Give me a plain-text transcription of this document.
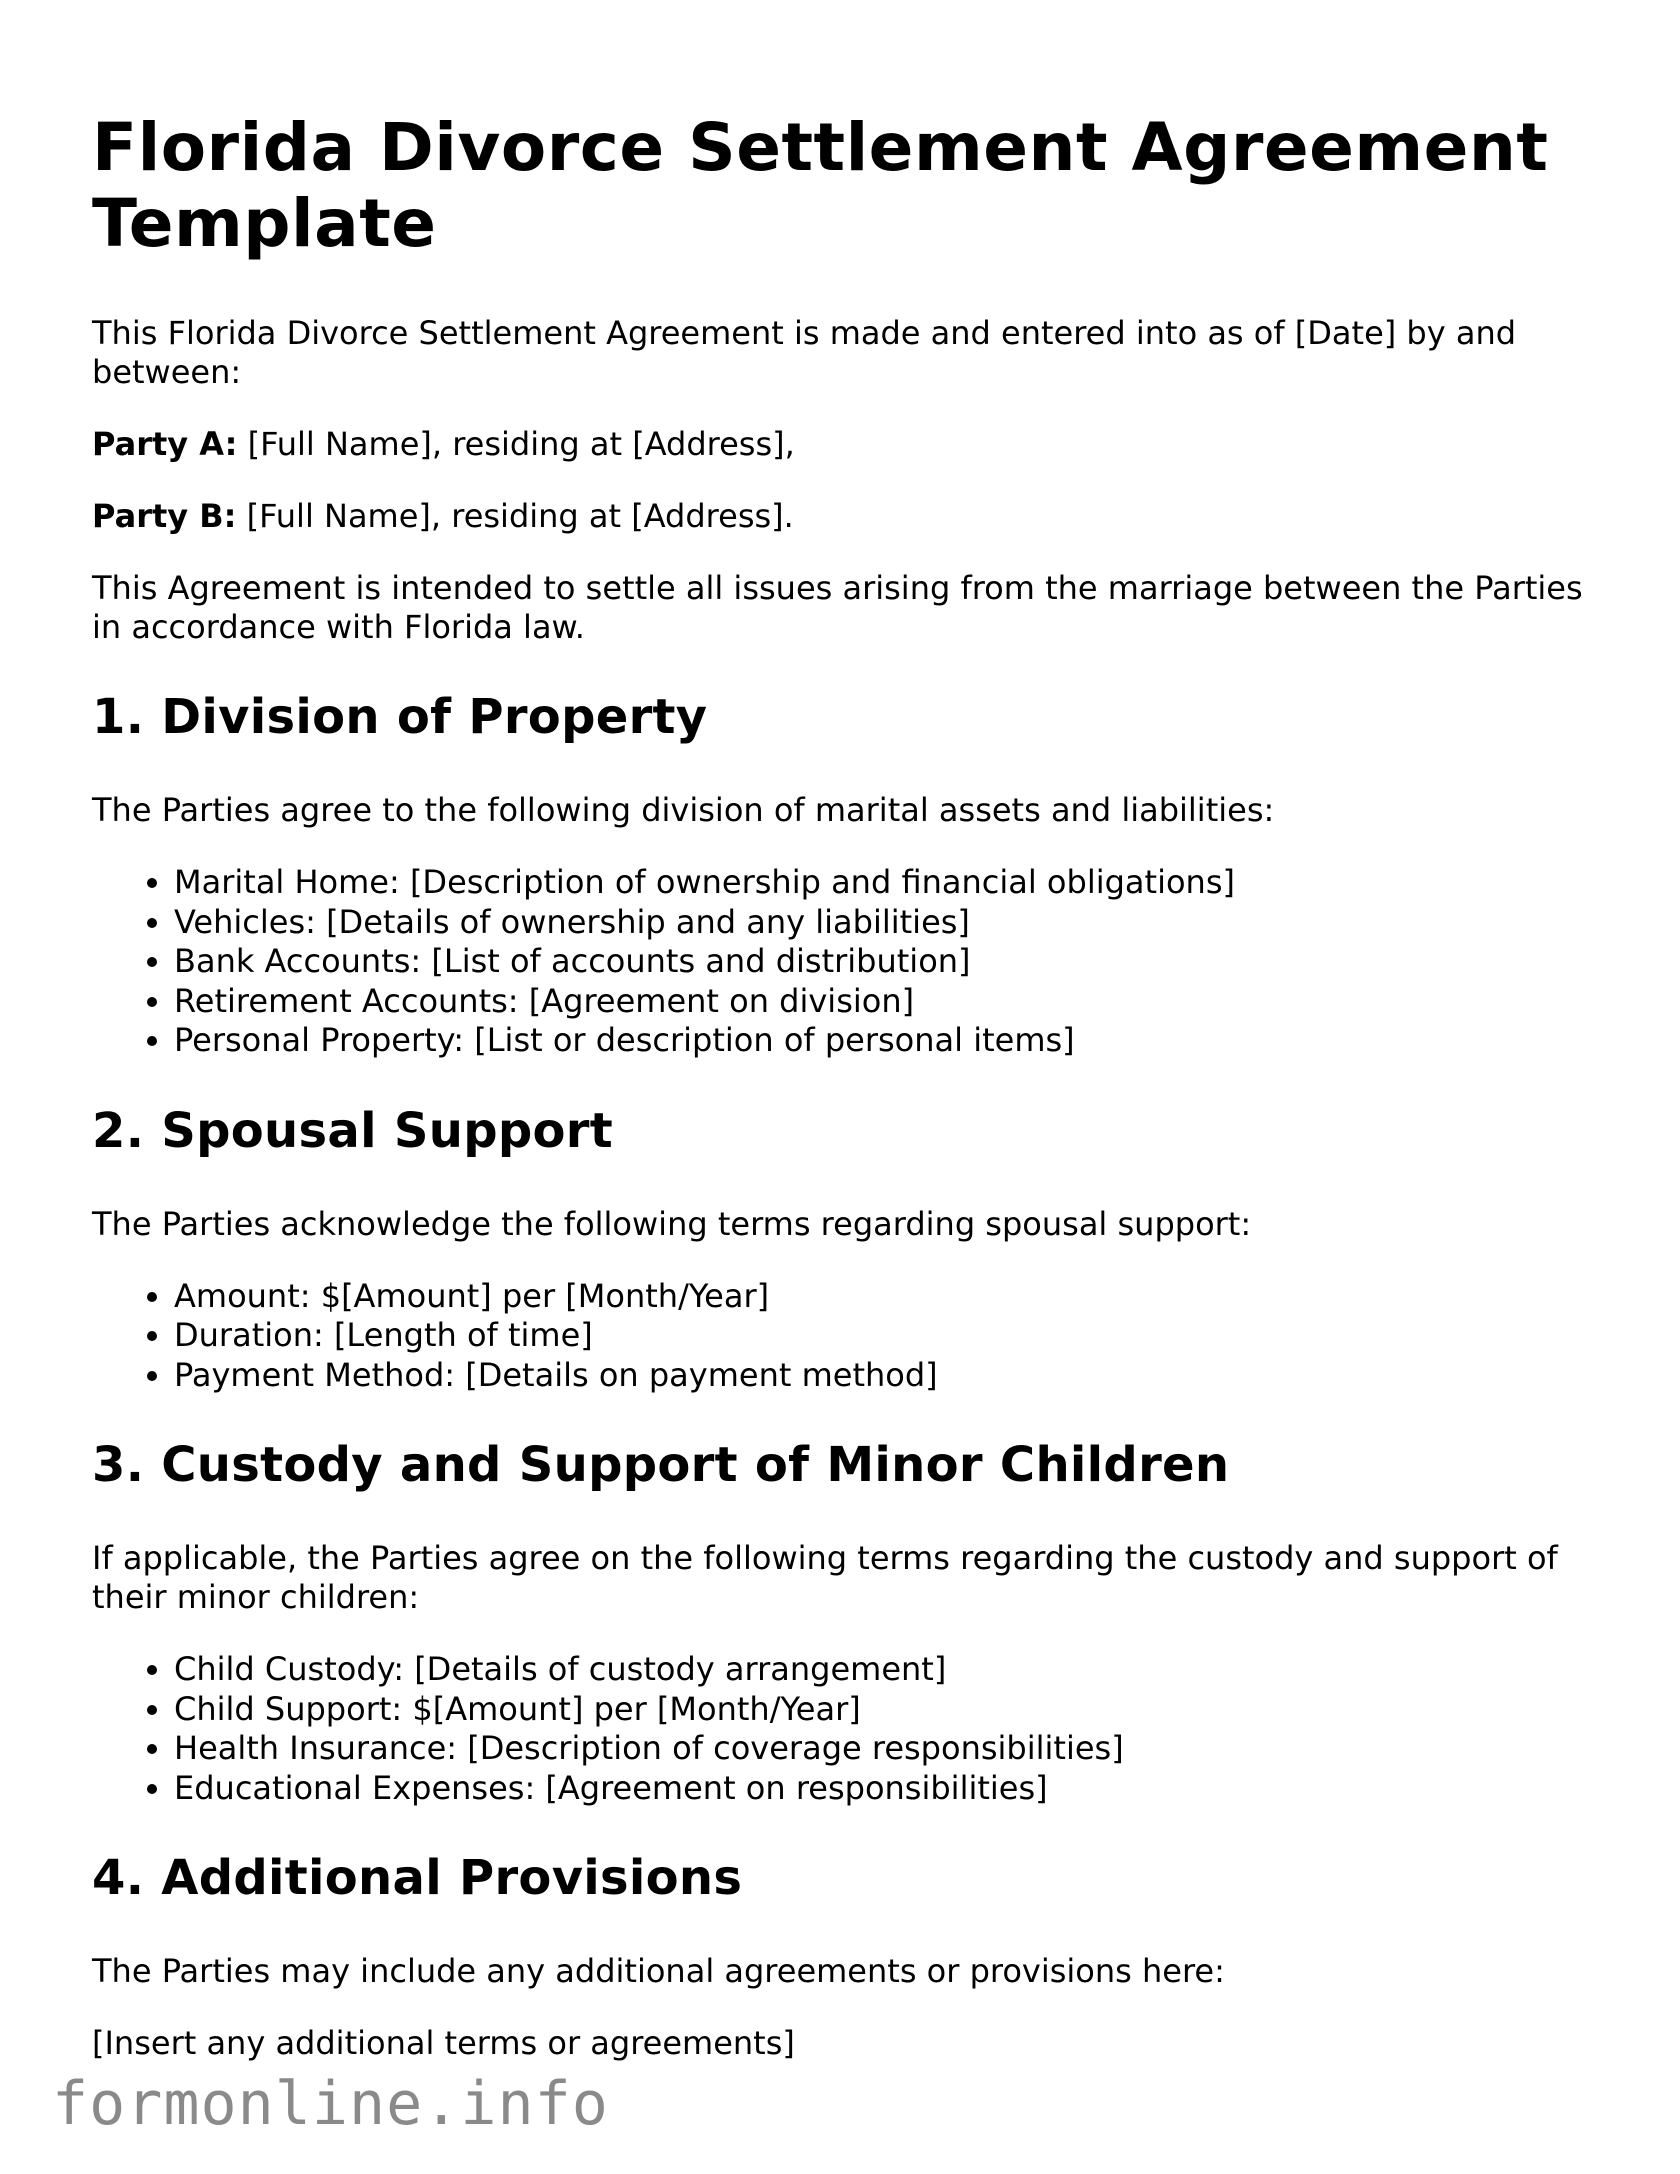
Florida Divorce Settlement Agreement Template

This Florida Divorce Settlement Agreement is made and entered into as of [Date] by and between:

Party A: [Full Name], residing at [Address],

Party B: [Full Name], residing at [Address].

This Agreement is intended to settle all issues arising from the marriage between the Parties in accordance with Florida law.

1. Division of Property

The Parties agree to the following division of marital assets and liabilities:

• Marital Home: [Description of ownership and financial obligations]
• Vehicles: [Details of ownership and any liabilities]
• Bank Accounts: [List of accounts and distribution]
• Retirement Accounts: [Agreement on division]
• Personal Property: [List or description of personal items]
2. Spousal Support

The Parties acknowledge the following terms regarding spousal support:

• Amount: $[Amount] per [Month/Year]
• Duration: [Length of time]
• Payment Method: [Details on payment method]
3. Custody and Support of Minor Children

If applicable, the Parties agree on the following terms regarding the custody and support of their minor children:

• Child Custody: [Details of custody arrangement]
• Child Support: $[Amount] per [Month/Year]
• Health Insurance: [Description of coverage responsibilities]
• Educational Expenses: [Agreement on responsibilities]
4. Additional Provisions

The Parties may include any additional agreements or provisions here:

[Insert any additional terms or agreements]

formonline.info
